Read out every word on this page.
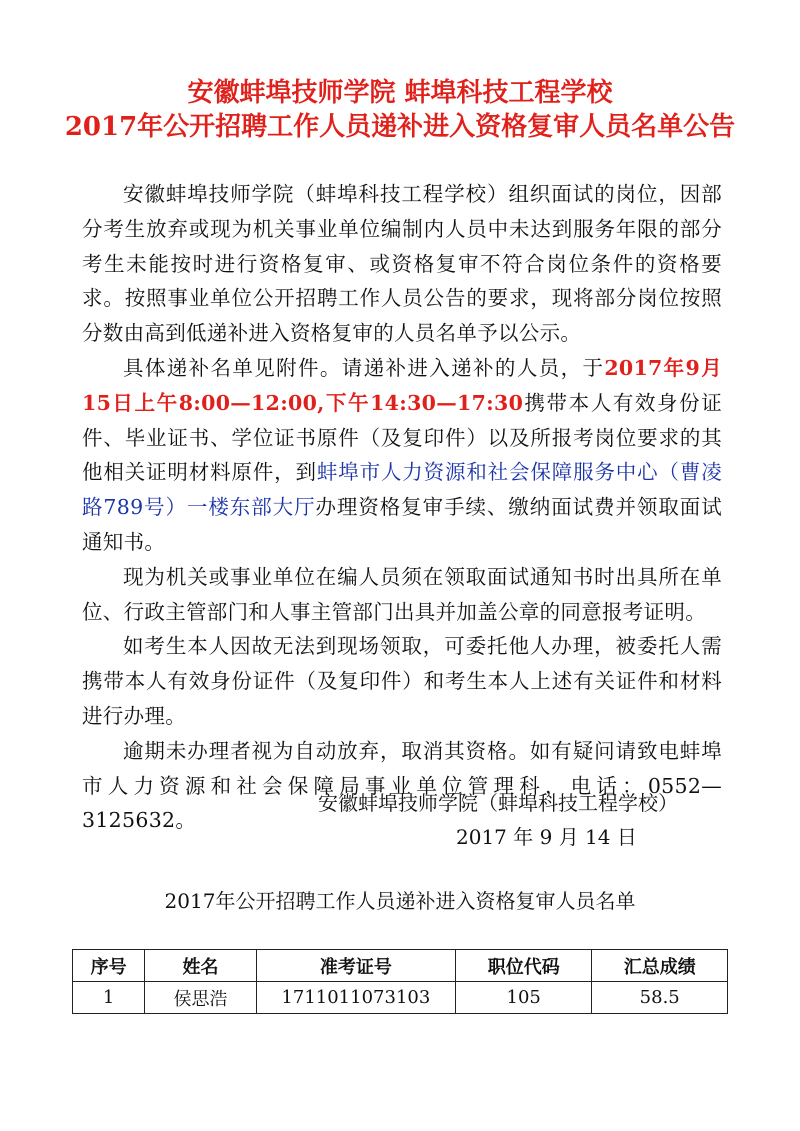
安徽蚌埠技师学院 蚌埠科技工程学校
2017年公开招聘工作人员递补进入资格复审人员名单公告

安徽蚌埠技师学院（蚌埠科技工程学校）组织面试的岗位，因部分考生放弃或现为机关事业单位编制内人员中未达到服务年限的部分考生未能按时进行资格复审、或资格复审不符合岗位条件的资格要求。按照事业单位公开招聘工作人员公告的要求，现将部分岗位按照分数由高到低递补进入资格复审的人员名单予以公示。

具体递补名单见附件。请递补进入递补的人员，于2017年9月15日上午8:00—12:00,下午14:30—17:30携带本人有效身份证件、毕业证书、学位证书原件（及复印件）以及所报考岗位要求的其他相关证明材料原件，到蚌埠市人力资源和社会保障服务中心（曹凌路789号）一楼东部大厅办理资格复审手续、缴纳面试费并领取面试通知书。

现为机关或事业单位在编人员须在领取面试通知书时出具所在单位、行政主管部门和人事主管部门出具并加盖公章的同意报考证明。

如考生本人因故无法到现场领取，可委托他人办理，被委托人需携带本人有效身份证件（及复印件）和考生本人上述有关证件和材料进行办理。

逾期未办理者视为自动放弃，取消其资格。如有疑问请致电蚌埠市人力资源和社会保障局事业单位管理科，电话：0552—3125632。

安徽蚌埠技师学院（蚌埠科技工程学校）
2017 年 9 月 14 日
2017年公开招聘工作人员递补进入资格复审人员名单
序号	姓名	准考证号	职位代码	汇总成绩
1	侯思浩	1711011073103	105	58.5
